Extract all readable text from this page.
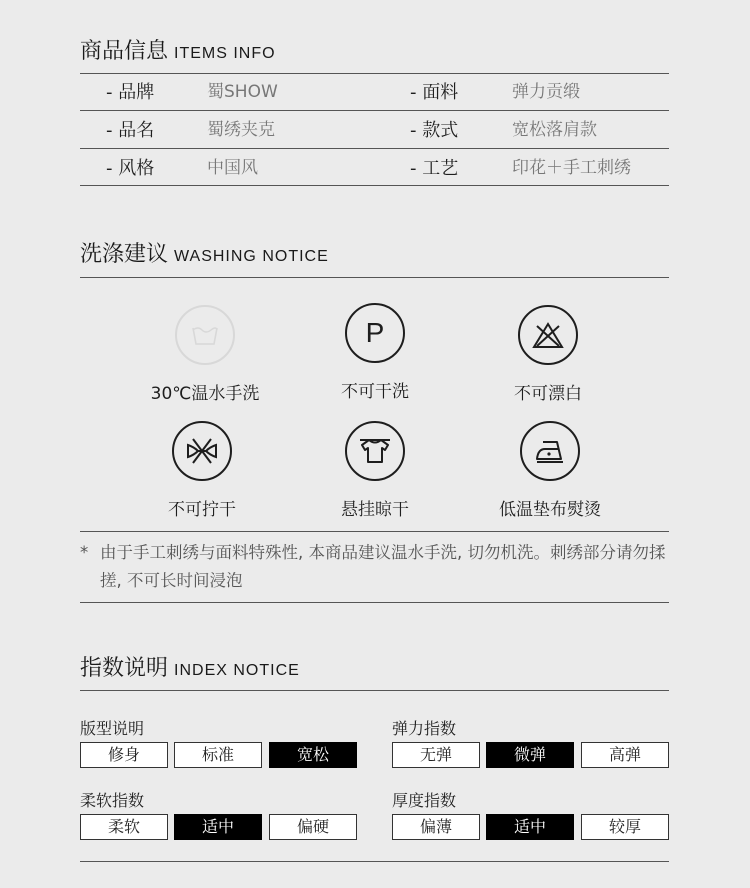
商品信息 ITEMS INFO
- 品牌	蜀SHOW	- 面料	弹力贡缎
- 品名	蜀绣夹克	- 款式	宽松落肩款
- 风格	中国风	- 工艺	印花＋手工刺绣
洗涤建议 WASHING NOTICE
30℃温水手洗
P
不可干洗	不可漂白
不可拧干	悬挂晾干	低温垫布熨烫
* 由于手工刺绣与面料特殊性, 本商品建议温水手洗, 切勿机洗。刺绣部分请勿揉搓, 不可长时间浸泡
指数说明 INDEX NOTICE
版型说明
修身	标准	宽松
弹力指数
无弹	微弹	高弹
柔软指数
柔软	适中	偏硬
厚度指数
偏薄	适中	较厚
